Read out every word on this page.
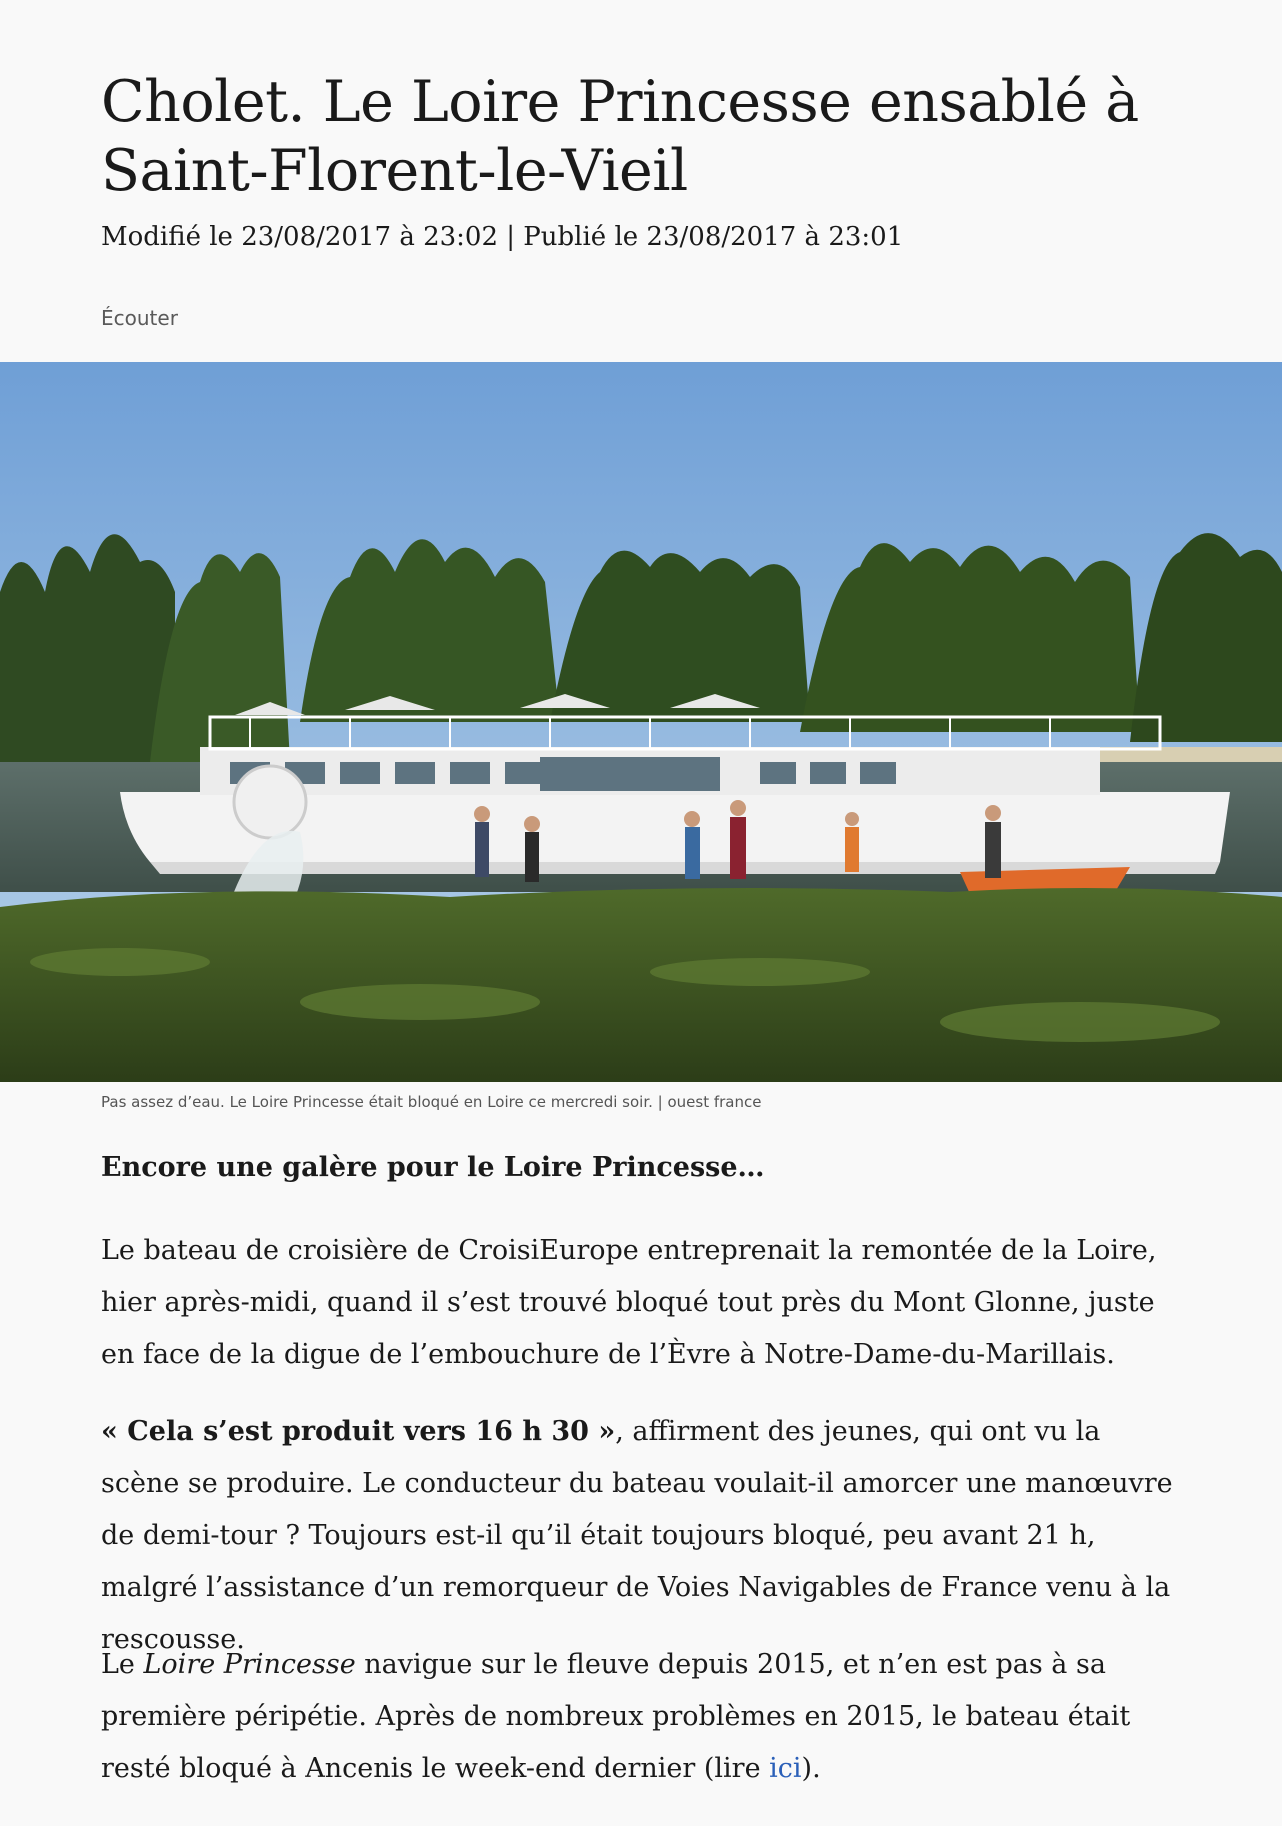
Cholet. Le Loire Princesse ensablé à Saint-Florent-le-Vieil
Modifié le 23/08/2017 à 23:02 | Publié le 23/08/2017 à 23:01
Écouter
Pas assez d’eau. Le Loire Princesse était bloqué en Loire ce mercredi soir. | ouest france

Encore une galère pour le Loire Princesse…

Le bateau de croisière de CroisiEurope entreprenait la remontée de la Loire, hier après-midi, quand il s’est trouvé bloqué tout près du Mont Glonne, juste en face de la digue de l’embouchure de l’Èvre à Notre-Dame-du-Marillais.

« Cela s’est produit vers 16 h 30 », affirment des jeunes, qui ont vu la scène se produire. Le conducteur du bateau voulait-il amorcer une manœuvre de demi-tour ? Toujours est-il qu’il était toujours bloqué, peu avant 21 h, malgré l’assistance d’un remorqueur de Voies Navigables de France venu à la rescousse.

Le Loire Princesse navigue sur le fleuve depuis 2015, et n’en est pas à sa première péripétie. Après de nombreux problèmes en 2015, le bateau était resté bloqué à Ancenis le week-end dernier (lire ici).
